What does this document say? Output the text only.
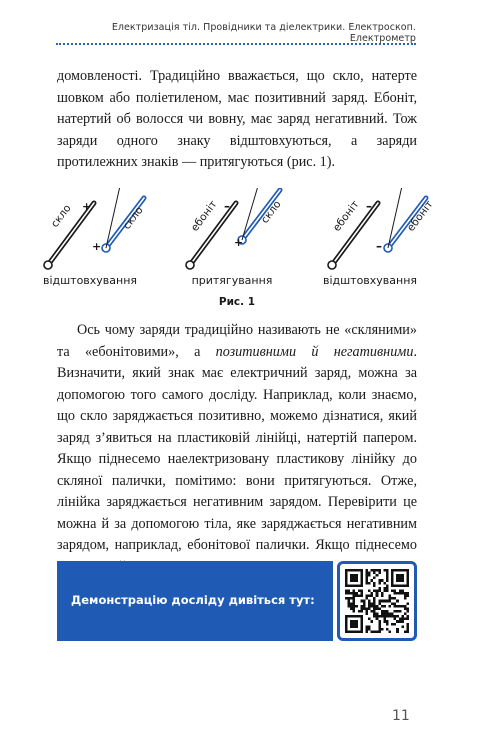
Електризація тіл. Провідники та діелектрики. Електроскоп. Електрометр

домовленості. Традиційно вважається, що скло, натерте шовком або поліетиленом, має позитивний заряд. Ебоніт, натертий об волосся чи вовну, має заряд негативний. Тож заряди одного знаку відштовхуються, а заряди протилежних знаків — притягуються (рис. 1).

скло	скло
+
+
ебоніт	скло
–
+
ебоніт	ебоніт
–
–
відштовхування	притягування	відштовхування
Рис. 1

Ось чому заряди традиційно називають не «скляними» та «ебонітовими», а позитивними й негативними. Визначити, який знак має електричний заряд, можна за допомогою того самого досліду. Наприклад, коли знаємо, що скло заряджається позитивно, можемо дізнатися, який заряд з’явиться на пластиковій лінійці, натертій папером. Якщо піднесемо наелектризовану пластикову лінійку до скляної палички, помітимо: вони притягуються. Отже, лінійка заряджається негативним зарядом. Перевірити це можна й за допомогою тіла, яке заряджається негативним зарядом, наприклад, ебонітової палички. Якщо піднесемо

Демонстрацію досліду дивіться тут:
11
